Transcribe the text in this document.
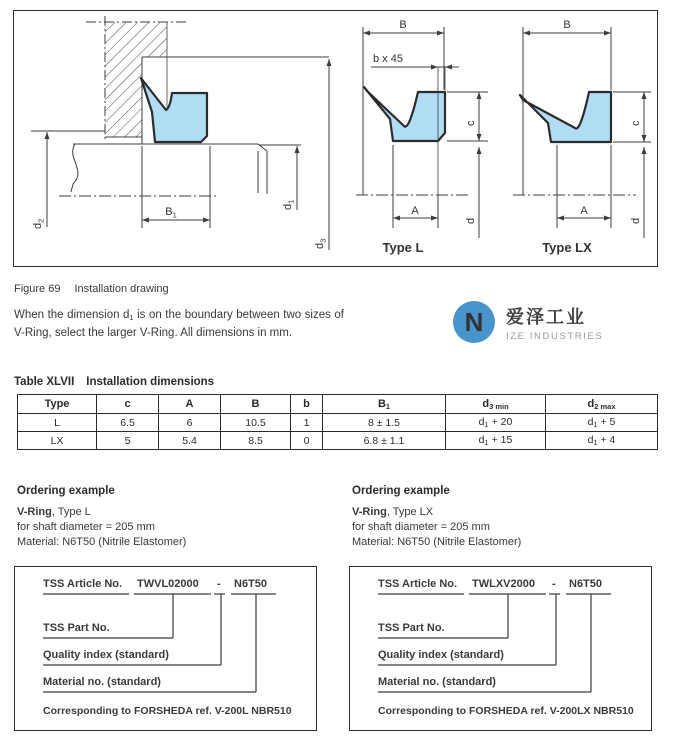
$d_2$
$B_1$
$d_1$
$d_3$
B
b x 45
c
A
d
Type L
B
c
A
d
Type LX
Figure 69 Installation drawing
When the dimension $d_1$ is on the boundary between two sizes of V-Ring, select the larger V-Ring. All dimensions in mm.	N 爱泽工业
IZE INDUSTRIES
Table XLVII Installation dimensions
Type	c	A	B	b	$B_1$	$d_{3 min}$	$d_{2 max}$
L	6.5	6	10.5	1	8 ± 1.5	$d_1 + 20$	$d_1 + 5$
LX	5	5.4	8.5	0	6.8 ± 1.1	$d_1 + 15$	$d_1 + 4$
Ordering example
V-Ring, Type L
for shaft diameter = 205 mm
Material: N6T50 (Nitrile Elastomer)
Ordering example
V-Ring, Type LX
for shaft diameter = 205 mm
Material: N6T50 (Nitrile Elastomer)
TSS Article No. TWVL02000 - N6T50
TSS Part No.
Quality index (standard)
Material no. (standard)
Corresponding to FORSHEDA ref. V-200L NBR510
TSS Article No. TWLXV2000 - N6T50
TSS Part No.
Quality index (standard)
Material no. (standard)
Corresponding to FORSHEDA ref. V-200LX NBR510
